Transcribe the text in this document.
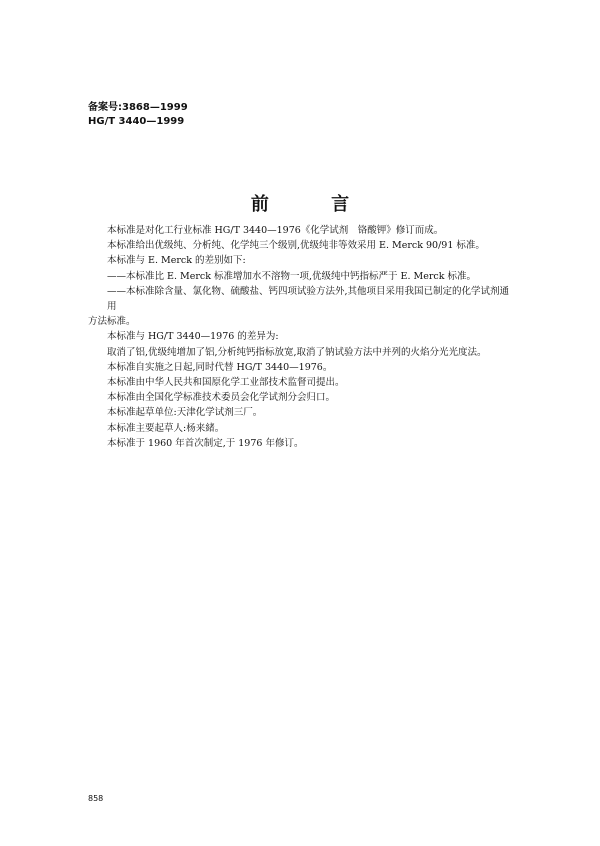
备案号:3868—1999
HG/T 3440—1999
前 言

本标准是对化工行业标准 HG/T 3440—1976《化学试剂　铬酸钾》修订而成。

本标准给出优级纯、分析纯、化学纯三个级别,优级纯非等效采用 E. Merck 90/91 标准。

本标准与 E. Merck 的差别如下:

——本标准比 E. Merck 标准增加水不溶物一项,优级纯中钙指标严于 E. Merck 标准。

——本标准除含量、氯化物、硫酸盐、钙四项试验方法外,其他项目采用我国已制定的化学试剂通用

方法标准。

本标准与 HG/T 3440—1976 的差异为:

取消了铝,优级纯增加了铝,分析纯钙指标放宽,取消了钠试验方法中并列的火焰分光光度法。

本标准自实施之日起,同时代替 HG/T 3440—1976。

本标准由中华人民共和国原化学工业部技术监督司提出。

本标准由全国化学标准技术委员会化学试剂分会归口。

本标准起草单位:天津化学试剂三厂。

本标准主要起草人:杨来緒。

本标准于 1960 年首次制定,于 1976 年修订。

858
